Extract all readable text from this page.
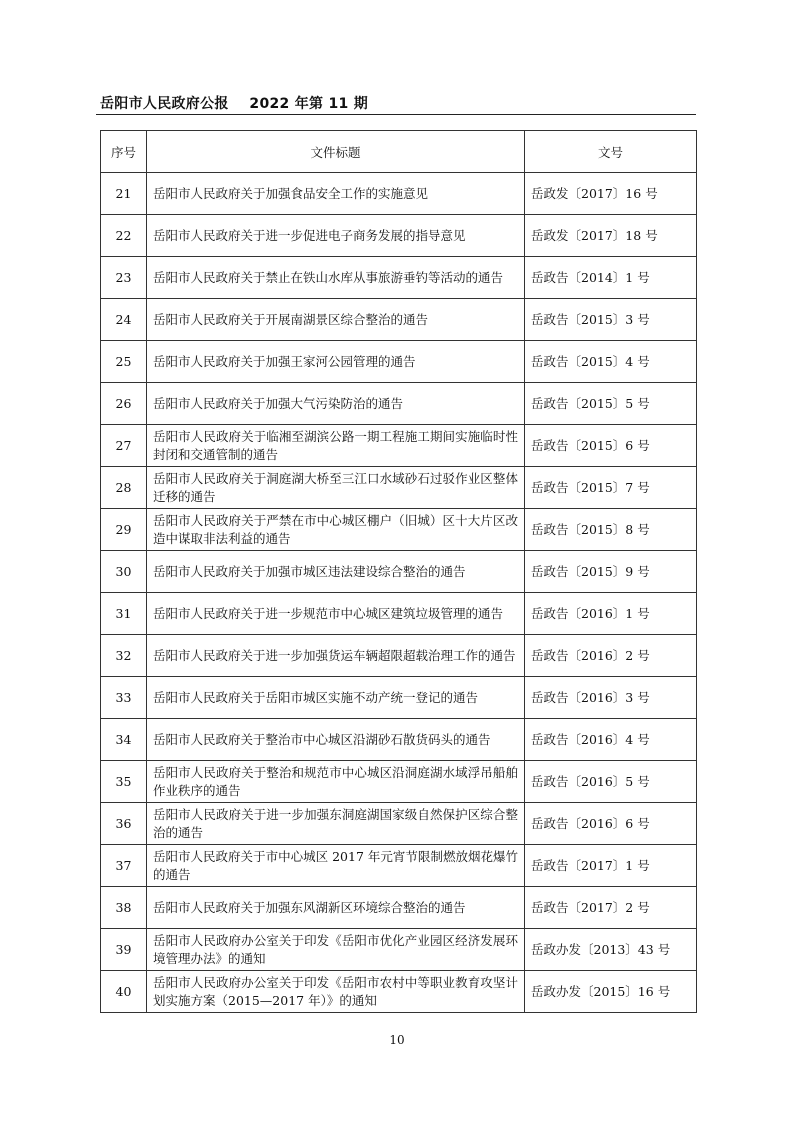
岳阳市人民政府公报 2022 年第 11 期
序号	文件标题	文号
21	岳阳市人民政府关于加强食品安全工作的实施意见	岳政发〔2017〕16 号
22	岳阳市人民政府关于进一步促进电子商务发展的指导意见	岳政发〔2017〕18 号
23	岳阳市人民政府关于禁止在铁山水库从事旅游垂钓等活动的通告	岳政告〔2014〕1 号
24	岳阳市人民政府关于开展南湖景区综合整治的通告	岳政告〔2015〕3 号
25	岳阳市人民政府关于加强王家河公园管理的通告	岳政告〔2015〕4 号
26	岳阳市人民政府关于加强大气污染防治的通告	岳政告〔2015〕5 号
27	岳阳市人民政府关于临湘至湖滨公路一期工程施工期间实施临时性封闭和交通管制的通告	岳政告〔2015〕6 号
28	岳阳市人民政府关于洞庭湖大桥至三江口水域砂石过驳作业区整体迁移的通告	岳政告〔2015〕7 号
29	岳阳市人民政府关于严禁在市中心城区棚户（旧城）区十大片区改造中谋取非法利益的通告	岳政告〔2015〕8 号
30	岳阳市人民政府关于加强市城区违法建设综合整治的通告	岳政告〔2015〕9 号
31	岳阳市人民政府关于进一步规范市中心城区建筑垃圾管理的通告	岳政告〔2016〕1 号
32	岳阳市人民政府关于进一步加强货运车辆超限超载治理工作的通告	岳政告〔2016〕2 号
33	岳阳市人民政府关于岳阳市城区实施不动产统一登记的通告	岳政告〔2016〕3 号
34	岳阳市人民政府关于整治市中心城区沿湖砂石散货码头的通告	岳政告〔2016〕4 号
35	岳阳市人民政府关于整治和规范市中心城区沿洞庭湖水域浮吊船舶作业秩序的通告	岳政告〔2016〕5 号
36	岳阳市人民政府关于进一步加强东洞庭湖国家级自然保护区综合整治的通告	岳政告〔2016〕6 号
37	岳阳市人民政府关于市中心城区 2017 年元宵节限制燃放烟花爆竹的通告	岳政告〔2017〕1 号
38	岳阳市人民政府关于加强东风湖新区环境综合整治的通告	岳政告〔2017〕2 号
39	岳阳市人民政府办公室关于印发《岳阳市优化产业园区经济发展环境管理办法》的通知	岳政办发〔2013〕43 号
40	岳阳市人民政府办公室关于印发《岳阳市农村中等职业教育攻坚计划实施方案（2015—2017 年）》的通知	岳政办发〔2015〕16 号
10
